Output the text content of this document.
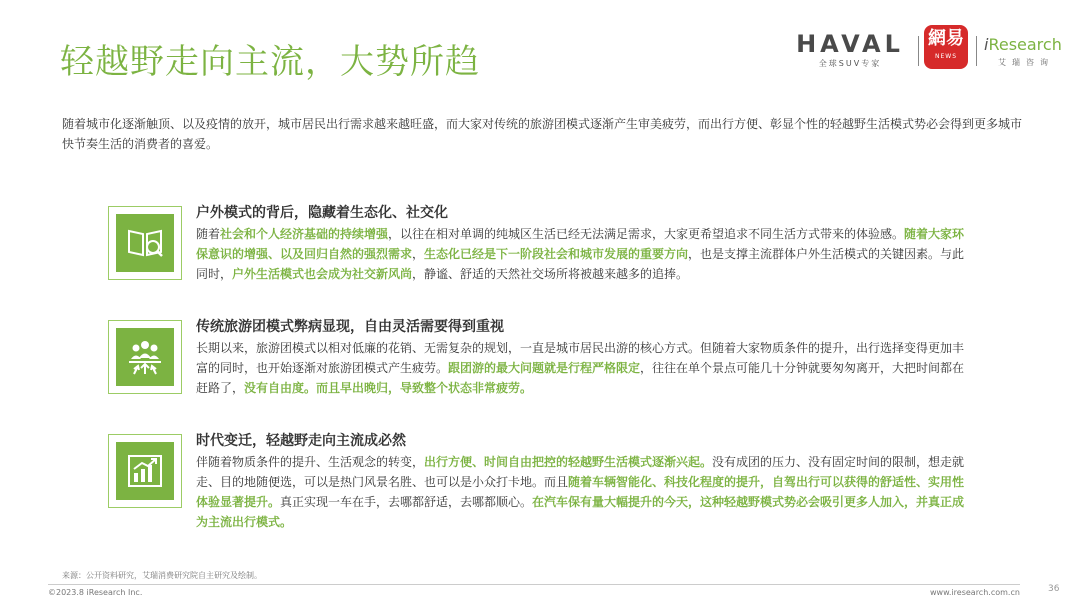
轻越野走向主流，大势所趋	HAVAL
全球SUV专家
網易
NEWS
iResearch
艾瑞咨询
随着城市化逐渐触顶、以及疫情的放开，城市居民出行需求越来越旺盛，而大家对传统的旅游团模式逐渐产生审美疲劳，而出行方便、彰显个性的轻越野生活模式势必会得到更多城市快节奏生活的消费者的喜爱。
户外模式的背后，隐藏着生态化、社交化
随着社会和个人经济基础的持续增强，以往在相对单调的纯城区生活已经无法满足需求，大家更希望追求不同生活方式带来的体验感。随着大家环保意识的增强、以及回归自然的强烈需求，生态化已经是下一阶段社会和城市发展的重要方向，也是支撑主流群体户外生活模式的关键因素。与此同时，户外生活模式也会成为社交新风尚，静谧、舒适的天然社交场所将被越来越多的追捧。
传统旅游团模式弊病显现，自由灵活需要得到重视
长期以来，旅游团模式以相对低廉的花销、无需复杂的规划，一直是城市居民出游的核心方式。但随着大家物质条件的提升，出行选择变得更加丰富的同时，也开始逐渐对旅游团模式产生疲劳。跟团游的最大问题就是行程严格限定，往往在单个景点可能几十分钟就要匆匆离开，大把时间都在赶路了，没有自由度。而且早出晚归，导致整个状态非常疲劳。
时代变迁，轻越野走向主流成必然
伴随着物质条件的提升、生活观念的转变，出行方便、时间自由把控的轻越野生活模式逐渐兴起。没有成团的压力、没有固定时间的限制，想走就走、目的地随便选，可以是热门风景名胜、也可以是小众打卡地。而且随着车辆智能化、科技化程度的提升，自驾出行可以获得的舒适性、实用性体验显著提升。真正实现一车在手，去哪都舒适，去哪都顺心。在汽车保有量大幅提升的今天，这种轻越野模式势必会吸引更多人加入，并真正成为主流出行模式。
来源：公开资料研究，艾瑞消费研究院自主研究及绘制。
©2023.8 iResearch Inc.	www.iresearch.com.cn	36
